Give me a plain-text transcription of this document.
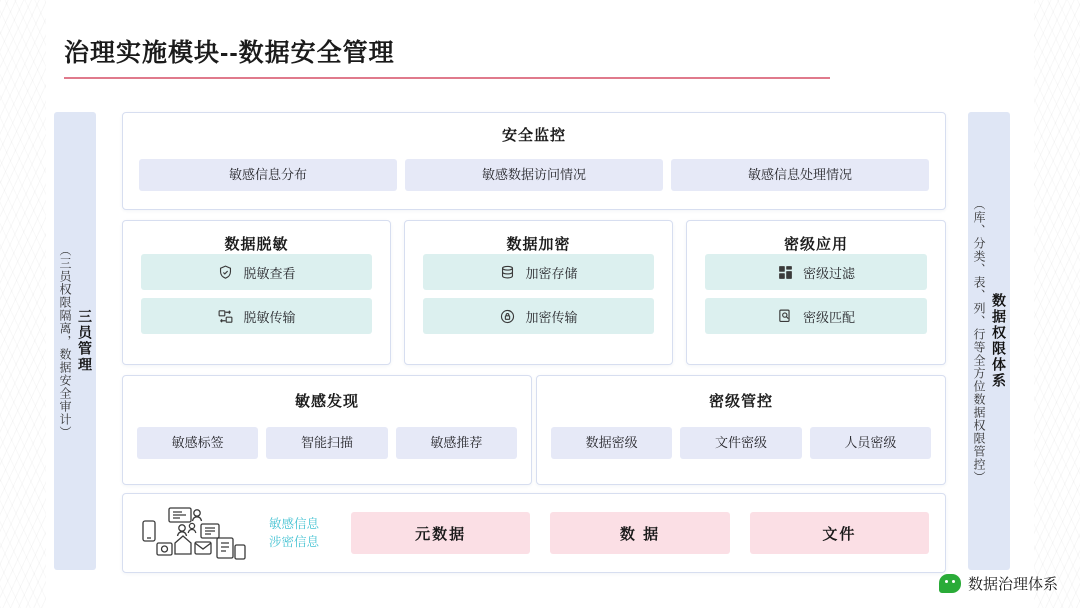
治理实施模块--数据安全管理
（三员权限隔离，数据安全审计） 三员管理	（库、分类、表、列、行等全方位数据权限管控） 数据权限体系
安全监控
敏感信息分布	敏感数据访问情况	敏感信息处理情况
数据脱敏
脱敏查看
脱敏传输
数据加密
加密存储
加密传输
密级应用
密级过滤
密级匹配
敏感发现
敏感标签	智能扫描	敏感推荐
密级管控
数据密级	文件密级	人员密级
敏感信息
涉密信息	元数据	数 据	文件
数据治理体系
